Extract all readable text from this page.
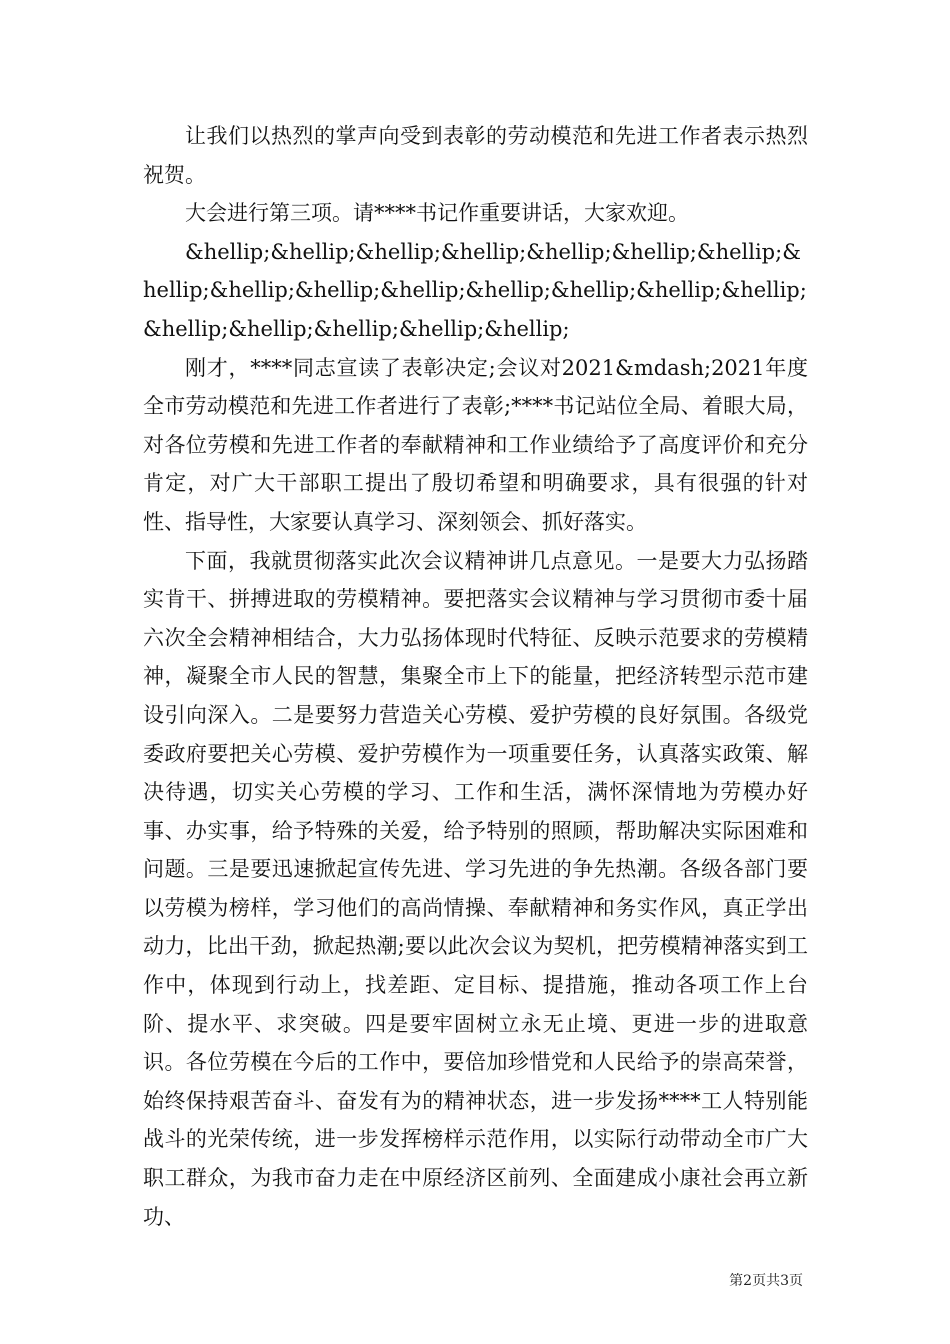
让我们以热烈的掌声向受到表彰的劳动模范和先进工作者表示热烈祝贺。

大会进行第三项。请****书记作重要讲话，大家欢迎。

&hellip;&hellip;&hellip;&hellip;&hellip;&hellip;&hellip;&hellip;&hellip;&hellip;&hellip;&hellip;&hellip;&hellip;&hellip;&hellip;&hellip;&hellip;&hellip;&hellip;

刚才，****同志宣读了表彰决定;会议对2021&mdash;2021年度全市劳动模范和先进工作者进行了表彰;****书记站位全局、着眼大局，对各位劳模和先进工作者的奉献精神和工作业绩给予了高度评价和充分肯定，对广大干部职工提出了殷切希望和明确要求，具有很强的针对性、指导性，大家要认真学习、深刻领会、抓好落实。

下面，我就贯彻落实此次会议精神讲几点意见。一是要大力弘扬踏实肯干、拼搏进取的劳模精神。要把落实会议精神与学习贯彻市委十届六次全会精神相结合，大力弘扬体现时代特征、反映示范要求的劳模精神，凝聚全市人民的智慧，集聚全市上下的能量，把经济转型示范市建设引向深入。二是要努力营造关心劳模、爱护劳模的良好氛围。各级党委政府要把关心劳模、爱护劳模作为一项重要任务，认真落实政策、解决待遇，切实关心劳模的学习、工作和生活，满怀深情地为劳模办好事、办实事，给予特殊的关爱，给予特别的照顾，帮助解决实际困难和问题。三是要迅速掀起宣传先进、学习先进的争先热潮。各级各部门要以劳模为榜样，学习他们的高尚情操、奉献精神和务实作风，真正学出动力，比出干劲，掀起热潮;要以此次会议为契机，把劳模精神落实到工作中，体现到行动上，找差距、定目标、提措施，推动各项工作上台阶、提水平、求突破。四是要牢固树立永无止境、更进一步的进取意识。各位劳模在今后的工作中，要倍加珍惜党和人民给予的崇高荣誉，始终保持艰苦奋斗、奋发有为的精神状态，进一步发扬****工人特别能战斗的光荣传统，进一步发挥榜样示范作用，以实际行动带动全市广大职工群众，为我市奋力走在中原经济区前列、全面建成小康社会再立新功、

第2页共3页
